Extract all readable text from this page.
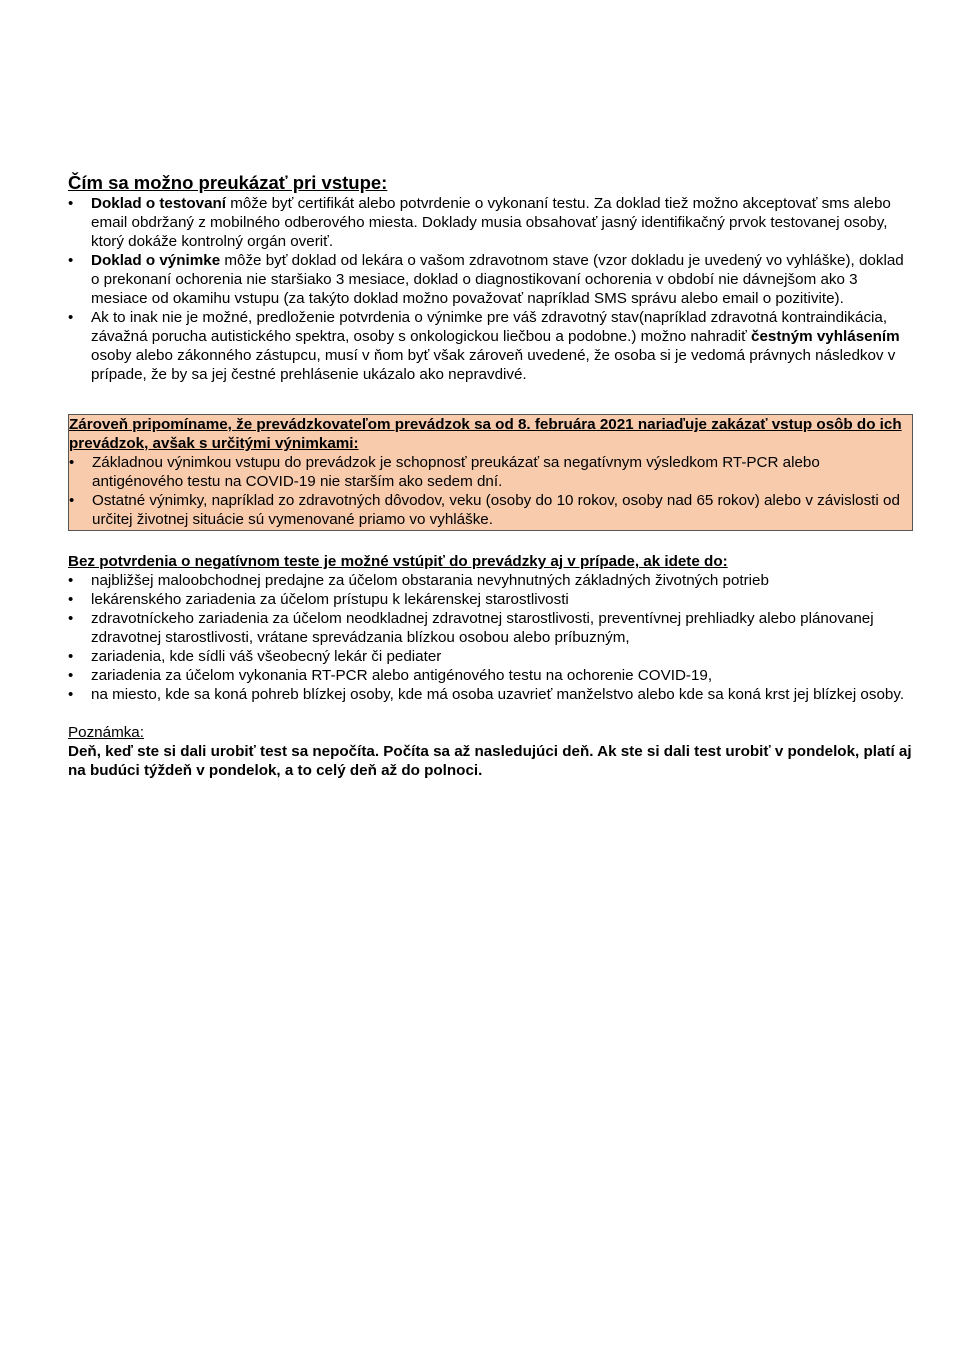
Čím sa možno preukázať pri vstupe:
• Doklad o testovaní môže byť certifikát alebo potvrdenie o vykonaní testu. Za doklad tiež možno akceptovať sms alebo email obdržaný z mobilného odberového miesta. Doklady musia obsahovať jasný identifikačný prvok testovanej osoby, ktorý dokáže kontrolný orgán overiť.
• Doklad o výnimke môže byť doklad od lekára o vašom zdravotnom stave (vzor dokladu je uvedený vo vyhláške), doklad o prekonaní ochorenia nie staršiako 3 mesiace, doklad o diagnostikovaní ochorenia v období nie dávnejšom ako 3 mesiace od okamihu vstupu (za takýto doklad možno považovať napríklad SMS správu alebo email o pozitivite).
• Ak to inak nie je možné, predloženie potvrdenia o výnimke pre váš zdravotný stav(napríklad zdravotná kontraindikácia, závažná porucha autistického spektra, osoby s onkologickou liečbou a podobne.) možno nahradiť čestným vyhlásením osoby alebo zákonného zástupcu, musí v ňom byť však zároveň uvedené, že osoba si je vedomá právnych následkov v prípade, že by sa jej čestné prehlásenie ukázalo ako nepravdivé.
Zároveň pripomíname, že prevádzkovateľom prevádzok sa od 8. februára 2021 nariaďuje zakázať vstup osôb do ich prevádzok, avšak s určitými výnimkami:
• Základnou výnimkou vstupu do prevádzok je schopnosť preukázať sa negatívnym výsledkom RT-PCR alebo antigénového testu na COVID-19 nie starším ako sedem dní.
• Ostatné výnimky, napríklad zo zdravotných dôvodov, veku (osoby do 10 rokov, osoby nad 65 rokov) alebo v závislosti od určitej životnej situácie sú vymenované priamo vo vyhláške.
Bez potvrdenia o negatívnom teste je možné vstúpiť do prevádzky aj v prípade, ak idete do:
• najbližšej maloobchodnej predajne za účelom obstarania nevyhnutných základných životných potrieb
• lekárenského zariadenia za účelom prístupu k lekárenskej starostlivosti
• zdravotníckeho zariadenia za účelom neodkladnej zdravotnej starostlivosti, preventívnej prehliadky alebo plánovanej zdravotnej starostlivosti, vrátane sprevádzania blízkou osobou alebo príbuzným,
• zariadenia, kde sídli váš všeobecný lekár či pediater
• zariadenia za účelom vykonania RT-PCR alebo antigénového testu na ochorenie COVID-19,
• na miesto, kde sa koná pohreb blízkej osoby, kde má osoba uzavrieť manželstvo alebo kde sa koná krst jej blízkej osoby.
Poznámka:
Deň, keď ste si dali urobiť test sa nepočíta. Počíta sa až nasledujúci deň. Ak ste si dali test urobiť v pondelok, platí aj na budúci týždeň v pondelok, a to celý deň až do polnoci.
